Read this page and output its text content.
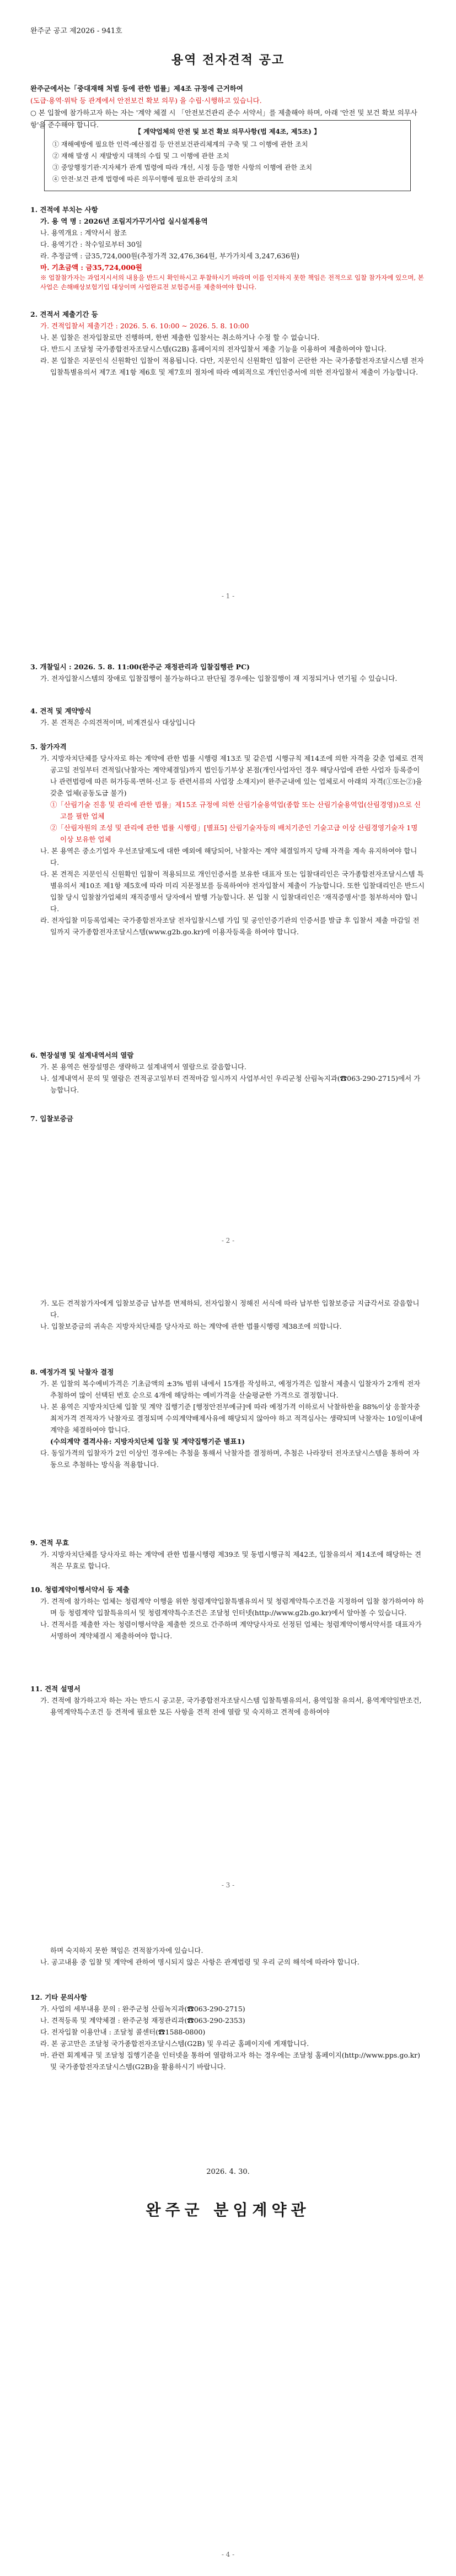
완주군 공고 제2026 - 941호
용역 전자견적 공고
완주군에서는「중대재해 처벌 등에 관한 법률」제4조 규정에 근거하여
(도급·용역·위탁 등 관계에서 안전보건 확보 의무) 을 수립·시행하고 있습니다.
○ 본 입찰에 참가하고자 하는 자는 '계약 체결 시 「안전보건관리 준수 서약서」를 제출해야 하며, 아래 '안전 및 보건 확보 의무사항'을 준수해야 합니다.
【 계약업체의 안전 및 보건 확보 의무사항(법 제4조, 제5조) 】
① 재해예방에 필요한 인력·예산점검 등 안전보건관리체계의 구축 및 그 이행에 관한 조치
② 재해 발생 시 재발방지 대책의 수립 및 그 이행에 관한 조치
③ 중앙행정기관·지자체가 관계 법령에 따라 개선, 시정 등을 명한 사항의 이행에 관한 조치
④ 안전·보건 관계 법령에 따른 의무이행에 필요한 관리상의 조치
1. 견적에 부치는 사항
가. 용 역 명 : 2026년 조림지가꾸기사업 실시설계용역
나. 용역개요 : 계약서서 참조
다. 용역기간 : 착수일로부터 30일
라. 추정금액 : 금35,724,000원(추정가격 32,476,364원, 부가가치세 3,247,636원)
마. 기초금액 : 금35,724,000원
※ 업찰참가자는 과업지시서의 내용을 반드시 확인하시고 투찰하시기 바라며 이를 인지하지 못한 책임은 전적으로 입찰 참가자에 있으며, 본 사업은 손해배상보험기입 대상이며 사업완료전 보험증서를 제출하여야 합니다.
2. 견적서 제출기간 등
가. 견적입찰서 제출기간 : 2026. 5. 6. 10:00 ~ 2026. 5. 8. 10:00
나. 본 입찰은 전자입찰로만 진행하며, 한번 제출한 입찰서는 취소하거나 수정 할 수 없습니다.
다. 반드시 조달청 국가종합전자조달시스템(G2B) 홈페이지의 전자입찰서 제출 기능을 이용하여 제출하여야 합니다.
라. 본 입찰은 지문인식 신원확인 입찰이 적용됩니다. 다만, 지문인식 신원확인 입찰이 곤란한 자는 국가종합전자조달시스템 전자입찰특별유의서 제7조 제1항 제6호 및 제7호의 절차에 따라 예외적으로 개인인증서에 의한 전자입찰서 제출이 가능합니다.
- 1 -
3. 개찰일시 : 2026. 5. 8. 11:00(완주군 재정관리과 입찰집행관 PC)
가. 전자입찰시스템의 장애로 입찰집행이 불가능하다고 판단될 경우에는 입찰집행이 재 지정되거나 연기될 수 있습니다.
4. 견적 및 계약방식
가. 본 견적은 수의견적이며, 비계견실사 대상입니다
5. 참가자격
가. 지방자치단체를 당사자로 하는 계약에 관한 법률 시행령 제13조 및 같은법 시행규칙 제14조에 의한 자격을 갖춘 업체로 견적공고일 전일부터 견적일(낙찰자는 계약체결일)까지 법인등기부상 본점(개인사업자인 경우 해당사업에 관한 사업자 등록증이나 관련법령에 따른 허가등록·면허·신고 등 관련서류의 사업장 소재지)이 완주군내에 있는 업체로서 아래의 자격(①또는②)을 갖춘 업체(공동도급 불가)
①「산림기술 진흥 및 관리에 관한 법률」제15조 규정에 의한 산림기술용역업(종합 또는 산림기술용역업(산림경영))으로 신고를 필한 업체
②「산림자원의 조성 및 관리에 관한 법률 시행령」[별표5] 산림기술자등의 배치기준인 기술고급 이상 산림경영기술자 1명 이상 보유한 업체
나. 본 용역은 중소기업자 우선조달제도에 대한 예외에 해당되어, 낙찰자는 계약 체결일까지 당해 자격을 계속 유지하여야 합니다.
다. 본 견적은 지문인식 신원확인 입찰이 적용되므로 개인인증서를 보유한 대표자 또는 입찰대리인은 국가종합전자조달시스템 특별유의서 제10조 제1항 제5호에 따라 미리 지문정보를 등록하여야 전자입찰서 제출이 가능합니다. 또한 입찰대리인은 반드시 입찰 당시 입찰참가업체의 재직증명서 당자에서 발행 가능합니다. 본 입찰 시 입찰대리인은 '재직증명서'를 첨부하셔야 합니다.
라. 전자입찰 미등록업체는 국가종합전자조달 전자입찰시스템 가입 및 공인인증기관의 인증서를 발급 후 입찰서 제출 마감일 전일까지 국가종합전자조달시스템(www.g2b.go.kr)에 이용자등록을 하여야 합니다.
6. 현장설명 및 설계내역서의 열람
가. 본 용역은 현장설명은 생략하고 설계내역서 열람으로 갈음합니다.
나. 설계내역서 문의 및 열람은 견적공고일부터 견적마감 일시까지 사업부서인 우리군청 산림녹지과(☎063-290-2715)에서 가능합니다.
7. 입찰보증금
- 2 -
가. 모든 견적참가자에게 입찰보증금 납부를 면제하되, 전자입찰시 정해진 서식에 따라 납부한 입찰보증금 지급각서로 갈음합니다.
나. 입찰보증금의 귀속은 지방자치단체를 당사자로 하는 계약에 관한 법률시행령 제38조에 의합니다.
8. 예정가격 및 낙찰자 결정
가. 본 입찰의 복수예비가격은 기초금액의 ±3% 범위 내에서 15개를 작성하고, 예정가격은 입찰서 제출시 입찰자가 2개씩 전자 추첨하여 많이 선택된 번호 순으로 4개에 해당하는 예비가격을 산술평균한 가격으로 결정합니다.
나. 본 용역은 지방자치단체 입찰 및 계약 집행기준 [행정안전부예규]에 따라 예정가격 이하로서 낙찰하한율 88%이상 응찰자중 최저가격 견적자가 낙찰자로 결정되며 수의계약배제사유에 해당되지 않아야 하고 적격심사는 생략되며 낙찰자는 10일이내에 계약을 체결하여야 합니다.
(수의계약 결격사유: 지방자치단체 입찰 및 계약집행기준 별표1)
다. 동일가격의 입찰자가 2인 이상인 경우에는 추첨을 통해서 낙찰자를 결정하며, 추첨은 나라장터 전자조달시스템을 통하여 자동으로 추첨하는 방식을 적용합니다.
9. 견적 무효
가. 지방자치단체를 당사자로 하는 계약에 관한 법률시행령 제39조 및 동법시행규칙 제42조, 입찰유의서 제14조에 해당하는 견적은 무효로 합니다.
10. 청렴계약이행서약서 등 제출
가. 견적에 참가하는 업체는 청렴계약 이행을 위한 청렴계약입찰특별유의서 및 청렴계약특수조건을 지정하여 입찰 참가하여야 하며 등 청렴계약 입찰특유의서 및 청렴계약특수조건은 조달청 인터넷(http://www.g2b.go.kr)에서 알아볼 수 있습니다.
나. 견적서를 제출한 자는 청렴이행서약을 제출한 것으로 간주하며 계약당사자로 선정된 업체는 청렴계약이행서약서를 대표자가 서명하여 계약체결시 제출하여야 합니다.
11. 견적 설명서
가. 견적에 참가하고자 하는 자는 반드시 공고문, 국가종합전자조달시스템 입찰특별유의서, 용역입찰 유의서, 용역계약일반조건, 용역계약특수조건 등 견적에 필요한 모든 사항을 견적 전에 열람 및 숙지하고 견적에 응하여야
- 3 -
하며 숙지하지 못한 책임은 견적참가자에 있습니다.
나. 공고내용 중 입찰 및 계약에 관하여 명시되지 않은 사항은 관계법령 및 우리 군의 해석에 따라야 합니다.
12. 기타 문의사항
가. 사업의 세부내용 문의 : 완주군청 산림녹지과(☎063-290-2715)
나. 견적등록 및 계약체결 : 완주군청 재정관리과(☎063-290-2353)
다. 전자입찰 이용안내 : 조달청 콜센터(☎1588-0800)
라. 본 공고만은 조달청 국가종합전자조달시스템(G2B) 및 우리군 홈페이지에 게재합니다.
마. 관련 회계제규 및 조달청 집행기준을 인터넷을 통하여 열람하고자 하는 경우에는 조달청 홈페이지(http://www.pps.go.kr) 및 국가종합전자조달시스템(G2B)을 활용하시기 바랍니다.
2026. 4. 30.
완주군 분임계약관
- 4 -
